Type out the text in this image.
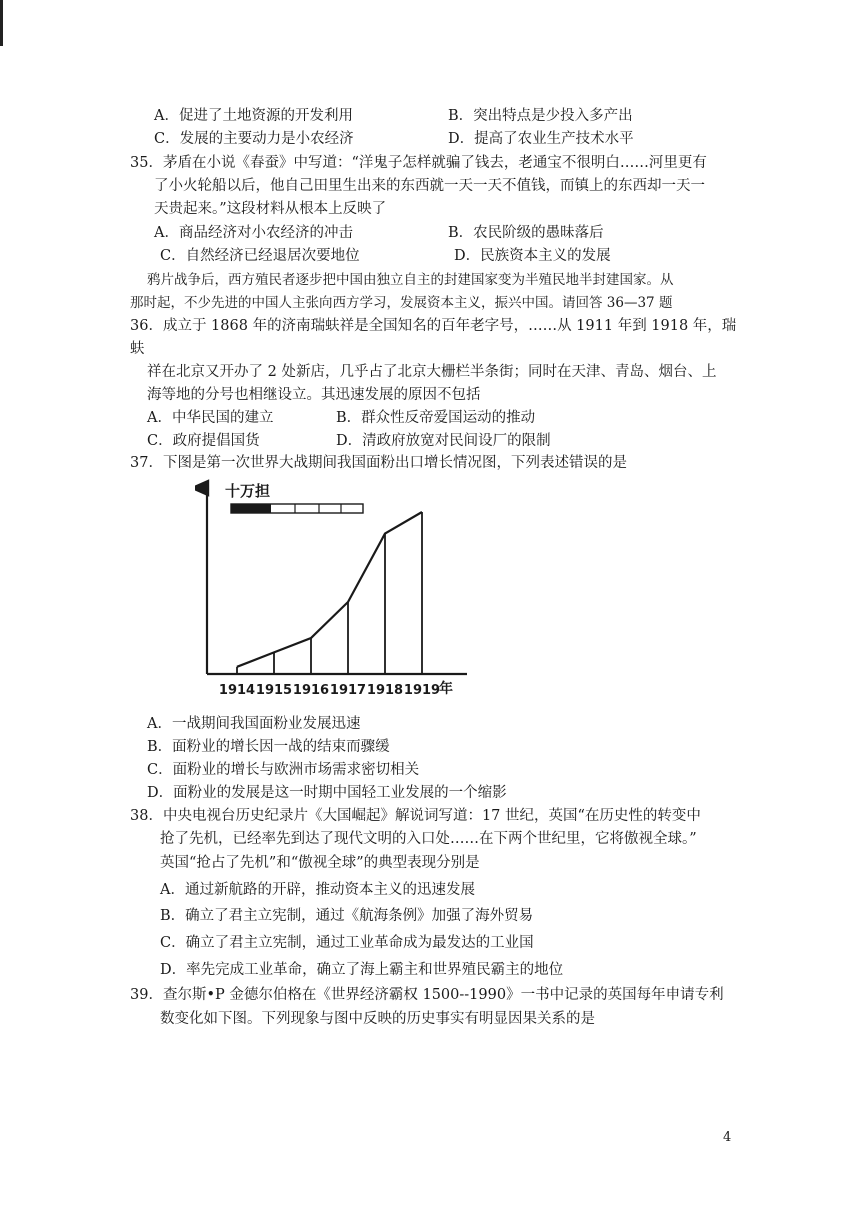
A．促进了土地资源的开发利用	B．突出特点是少投入多产出
C．发展的主要动力是小农经济	D．提高了农业生产技术水平
35．茅盾在小说《春蚕》中写道：“洋鬼子怎样就骗了钱去，老通宝不很明白……河里更有
了小火轮船以后，他自己田里生出来的东西就一天一天不值钱，而镇上的东西却一天一
天贵起来。”这段材料从根本上反映了
A．商品经济对小农经济的冲击	B．农民阶级的愚昧落后
C．自然经济已经退居次要地位	D．民族资本主义的发展
鸦片战争后，西方殖民者逐步把中国由独立自主的封建国家变为半殖民地半封建国家。从
那时起，不少先进的中国人主张向西方学习，发展资本主义，振兴中国。请回答 36—37 题
36．成立于 1868 年的济南瑞蚨祥是全国知名的百年老字号，……从 1911 年到 1918 年，瑞
蚨
祥在北京又开办了 2 处新店，几乎占了北京大栅栏半条街；同时在天津、青岛、烟台、上
海等地的分号也相继设立。其迅速发展的原因不包括
A．中华民国的建立	B．群众性反帝爱国运动的推动
C．政府提倡国货	D．清政府放宽对民间设厂的限制
37．下图是第一次世界大战期间我国面粉出口增长情况图，下列表述错误的是
十万担
1914 1915 1916 1917 1918 1919
年
A．一战期间我国面粉业发展迅速
B．面粉业的增长因一战的结束而骤缓
C．面粉业的增长与欧洲市场需求密切相关
D．面粉业的发展是这一时期中国轻工业发展的一个缩影
38．中央电视台历史纪录片《大国崛起》解说词写道：17 世纪，英国“在历史性的转变中
抢了先机，已经率先到达了现代文明的入口处……在下两个世纪里，它将傲视全球。”
英国“抢占了先机”和“傲视全球”的典型表现分别是
A．通过新航路的开辟，推动资本主义的迅速发展
B．确立了君主立宪制，通过《航海条例》加强了海外贸易
C．确立了君主立宪制，通过工业革命成为最发达的工业国
D．率先完成工业革命，确立了海上霸主和世界殖民霸主的地位
39．查尔斯•P 金德尔伯格在《世界经济霸权 1500--1990》一书中记录的英国每年申请专利
数变化如下图。下列现象与图中反映的历史事实有明显因果关系的是
4
